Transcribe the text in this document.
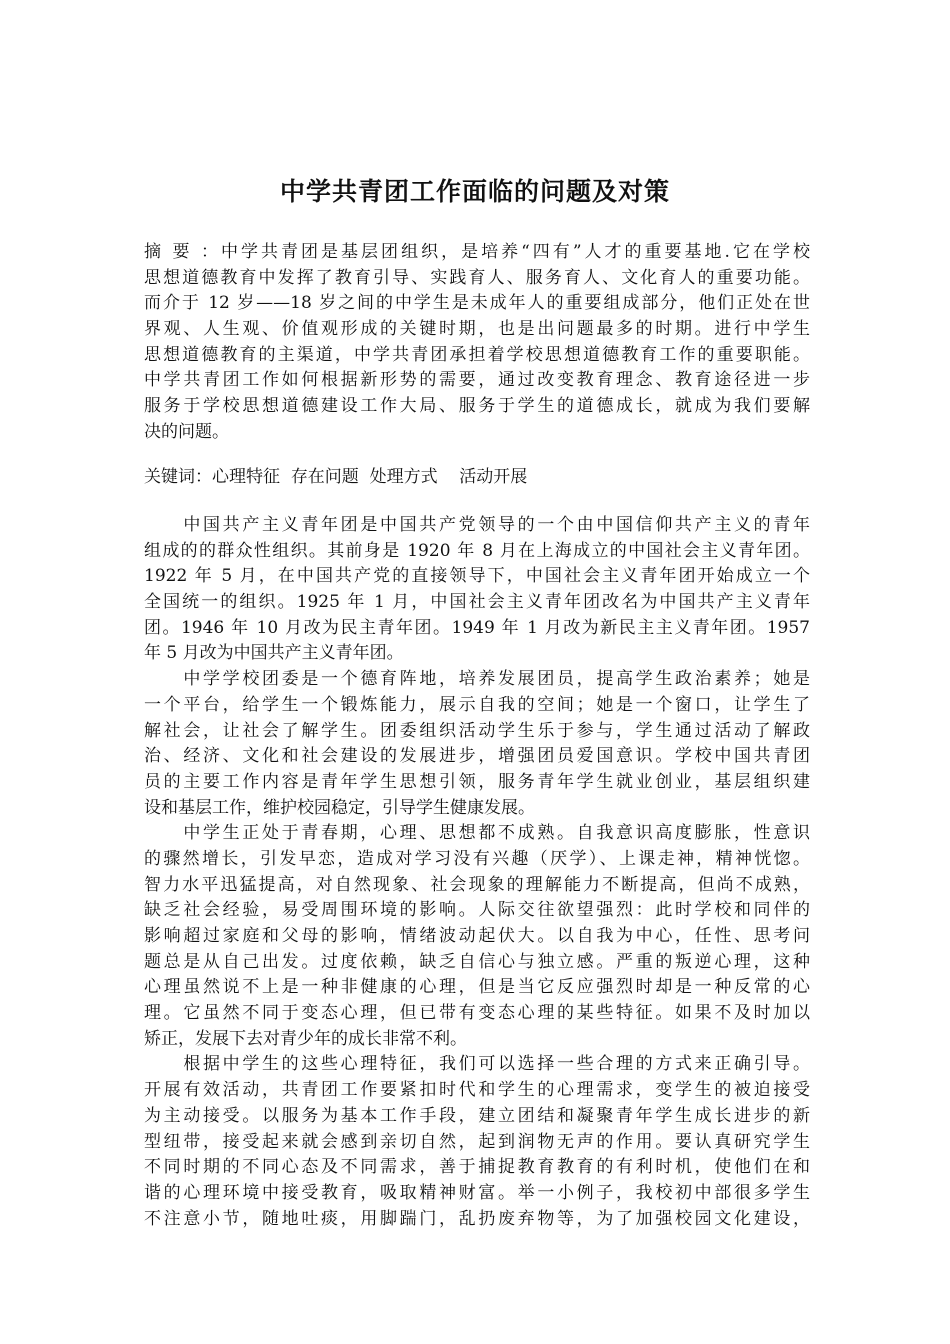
中学共青团工作面临的问题及对策
摘要：中学共青团是基层团组织，是培养“四有”人才的重要基地.它在学校
思想道德教育中发挥了教育引导、实践育人、服务育人、文化育人的重要功能。
而介于 12 岁——18 岁之间的中学生是未成年人的重要组成部分，他们正处在世
界观、人生观、价值观形成的关键时期，也是出问题最多的时期。进行中学生
思想道德教育的主渠道，中学共青团承担着学校思想道德教育工作的重要职能。
中学共青团工作如何根据新形势的需要，通过改变教育理念、教育途径进一步
服务于学校思想道德建设工作大局、服务于学生的道德成长，就成为我们要解
决的问题。
关键词：心理特征 存在问题 处理方式 活动开展
　　中国共产主义青年团是中国共产党领导的一个由中国信仰共产主义的青年
组成的的群众性组织。其前身是 1920 年 8 月在上海成立的中国社会主义青年团。
1922 年 5 月，在中国共产党的直接领导下，中国社会主义青年团开始成立一个
全国统一的组织。1925 年 1 月，中国社会主义青年团改名为中国共产主义青年
团。1946 年 10 月改为民主青年团。1949 年 1 月改为新民主主义青年团。1957
年 5 月改为中国共产主义青年团。
　　中学学校团委是一个德育阵地，培养发展团员，提高学生政治素养；她是
一个平台，给学生一个锻炼能力，展示自我的空间；她是一个窗口，让学生了
解社会，让社会了解学生。团委组织活动学生乐于参与，学生通过活动了解政
治、经济、文化和社会建设的发展进步，增强团员爱国意识。学校中国共青团
员的主要工作内容是青年学生思想引领，服务青年学生就业创业，基层组织建
设和基层工作，维护校园稳定，引导学生健康发展。
　　中学生正处于青春期，心理、思想都不成熟。自我意识高度膨胀，性意识
的骤然增长，引发早恋，造成对学习没有兴趣（厌学）、上课走神，精神恍惚。
智力水平迅猛提高，对自然现象、社会现象的理解能力不断提高，但尚不成熟，
缺乏社会经验，易受周围环境的影响。人际交往欲望强烈：此时学校和同伴的
影响超过家庭和父母的影响，情绪波动起伏大。以自我为中心，任性、思考问
题总是从自己出发。过度依赖，缺乏自信心与独立感。严重的叛逆心理，这种
心理虽然说不上是一种非健康的心理，但是当它反应强烈时却是一种反常的心
理。它虽然不同于变态心理，但已带有变态心理的某些特征。如果不及时加以
矫正，发展下去对青少年的成长非常不利。
　　根据中学生的这些心理特征，我们可以选择一些合理的方式来正确引导。
开展有效活动，共青团工作要紧扣时代和学生的心理需求，变学生的被迫接受
为主动接受。以服务为基本工作手段，建立团结和凝聚青年学生成长进步的新
型纽带，接受起来就会感到亲切自然，起到润物无声的作用。要认真研究学生
不同时期的不同心态及不同需求，善于捕捉教育教育的有利时机，使他们在和
谐的心理环境中接受教育，吸取精神财富。举一小例子，我校初中部很多学生
不注意小节，随地吐痰，用脚踹门，乱扔废弃物等，为了加强校园文化建设，
